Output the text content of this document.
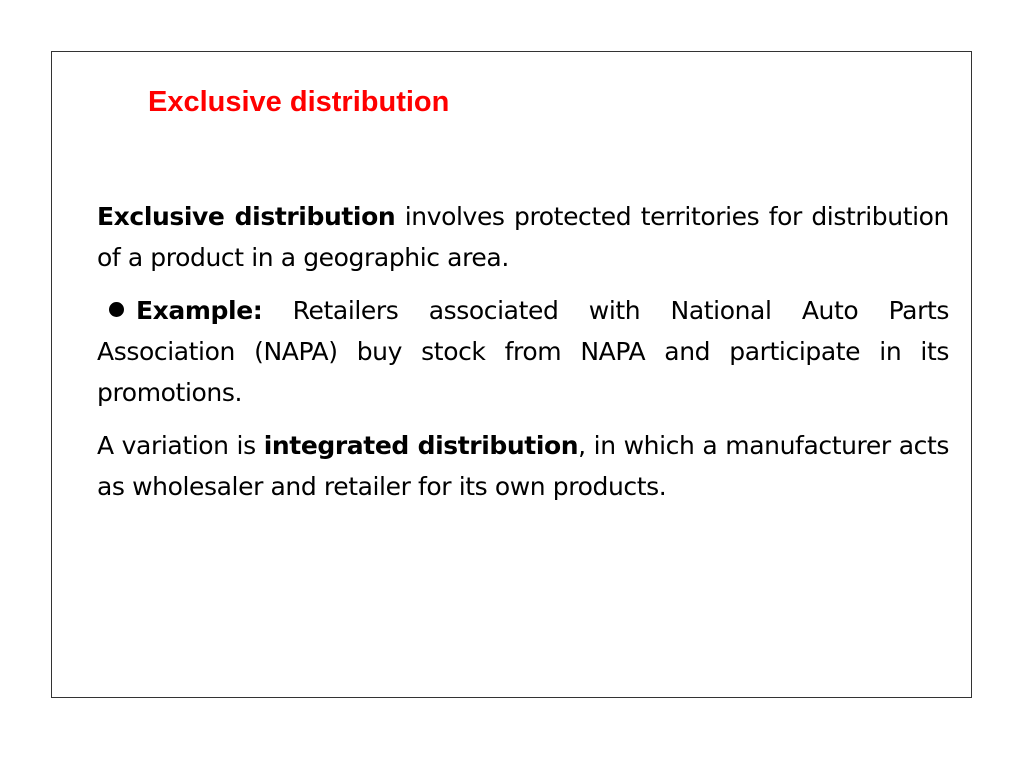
Exclusive distribution

Exclusive distribution involves protected territories for distribution of a product in a geographic area.

Example: Retailers associated with National Auto Parts Association (NAPA) buy stock from NAPA and participate in its promotions.

A variation is integrated distribution, in which a manufacturer acts as wholesaler and retailer for its own products.
